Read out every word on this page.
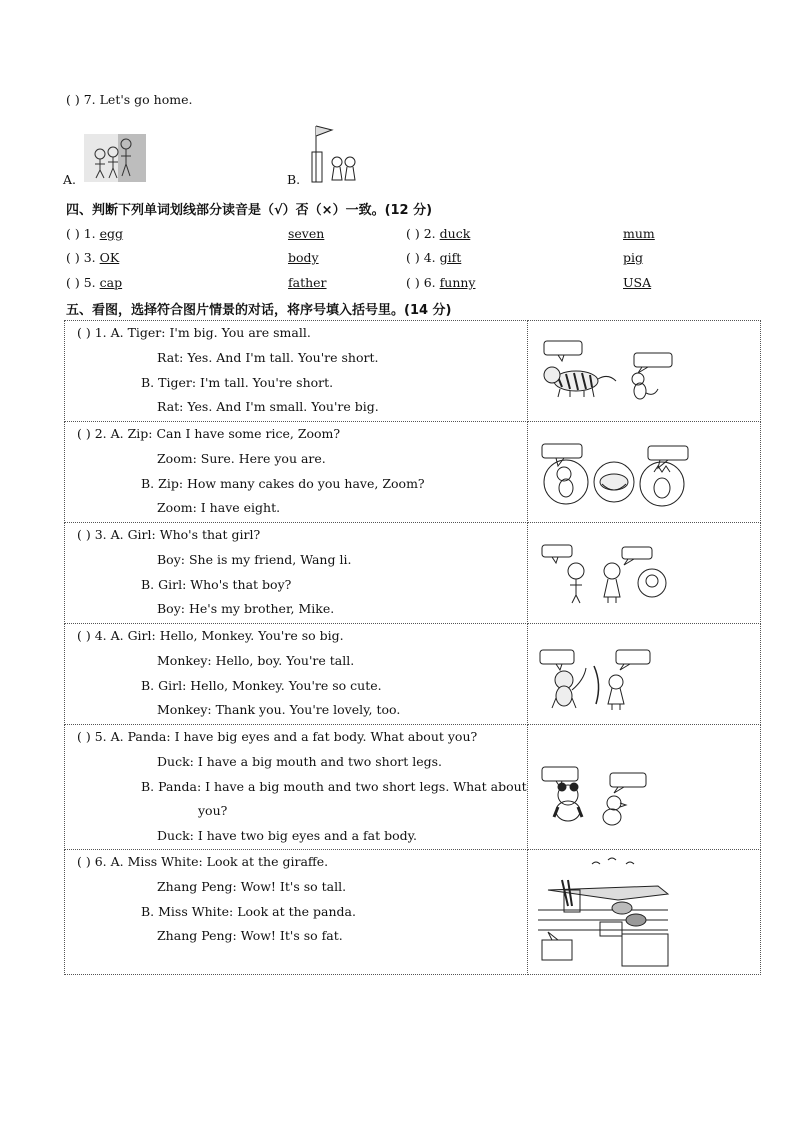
( ) 7. Let's go home.
A.	B.
四、判断下列单词划线部分读音是（√）否（×）一致。(12 分)
( ) 1. egg	seven	( ) 2. duck	mum
( ) 3. OK	body	( ) 4. gift	pig
( ) 5. cap	father	( ) 6. funny	USA
五、看图，选择符合图片情景的对话，将序号填入括号里。(14 分)
( ) 1. A. Tiger: I'm big. You are small.
Rat: Yes. And I'm tall. You're short.
B. Tiger: I'm tall. You're short.
Rat: Yes. And I'm small. You're big.

( ) 2. A. Zip: Can I have some rice, Zoom?
Zoom: Sure. Here you are.
B. Zip: How many cakes do you have, Zoom?
Zoom: I have eight.

( ) 3. A. Girl: Who's that girl?
Boy: She is my friend, Wang li.
B. Girl: Who's that boy?
Boy: He's my brother, Mike.

( ) 4. A. Girl: Hello, Monkey. You're so big.
Monkey: Hello, boy. You're tall.
B. Girl: Hello, Monkey. You're so cute.
Monkey: Thank you. You're lovely, too.

( ) 5. A. Panda: I have big eyes and a fat body. What about you?
Duck: I have a big mouth and two short legs.
B. Panda: I have a big mouth and two short legs. What about
you?
Duck: I have two big eyes and a fat body.

( ) 6. A. Miss White: Look at the giraffe.
Zhang Peng: Wow! It's so tall.
B. Miss White: Look at the panda.
Zhang Peng: Wow! It's so fat.
